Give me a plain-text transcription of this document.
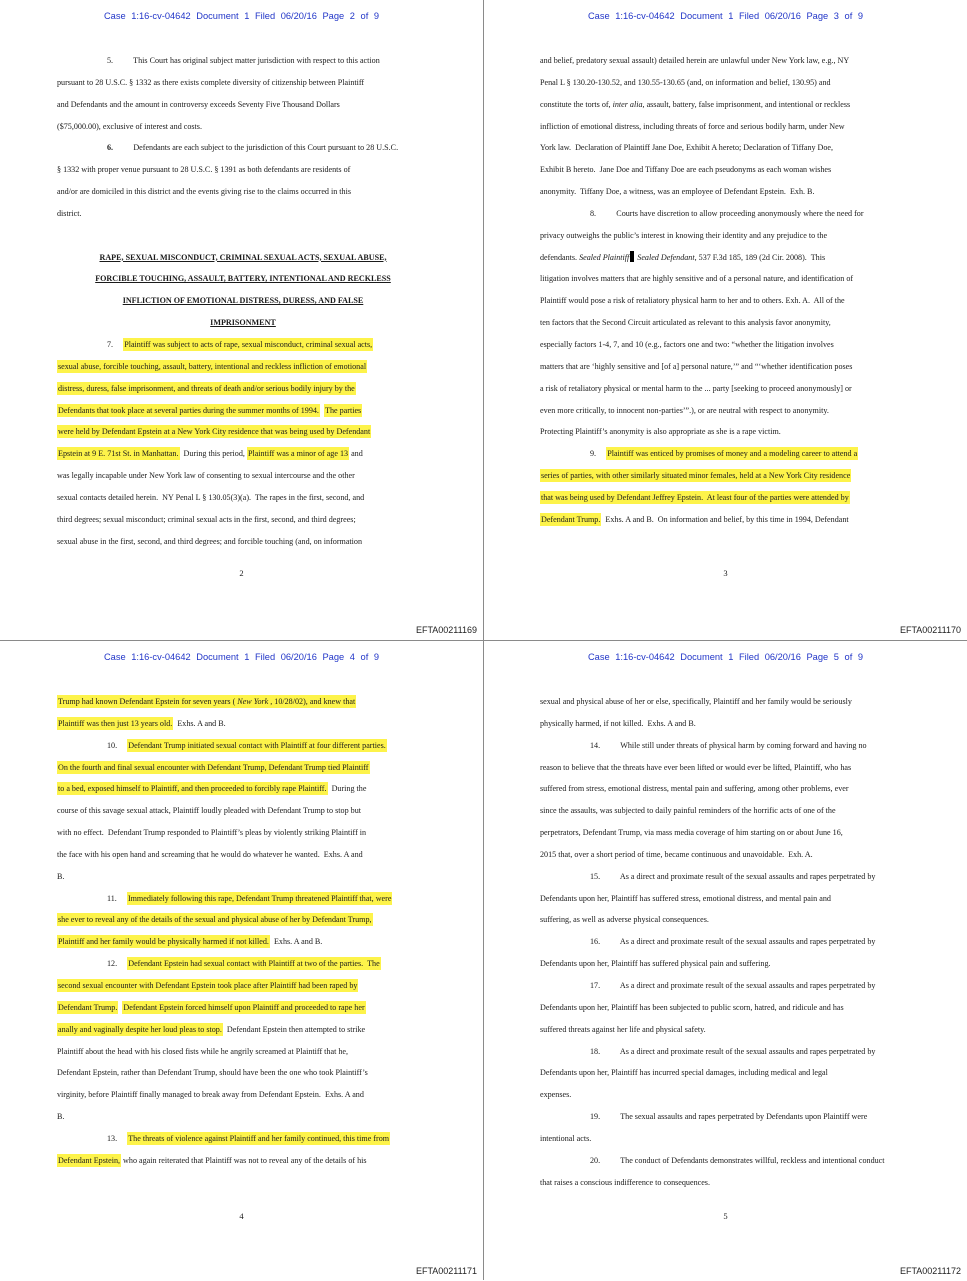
Case 1:16-cv-04642 Document 1 Filed 06/20/16 Page 2 of 9
5.          This Court has original subject matter jurisdiction with respect to this action
pursuant to 28 U.S.C. § 1332 as there exists complete diversity of citizenship between Plaintiff
and Defendants and the amount in controversy exceeds Seventy Five Thousand Dollars
($75,000.00), exclusive of interest and costs.
6.          Defendants are each subject to the jurisdiction of this Court pursuant to 28 U.S.C.
§ 1332 with proper venue pursuant to 28 U.S.C. § 1391 as both defendants are residents of
and/or are domiciled in this district and the events giving rise to the claims occurred in this
district.
RAPE, SEXUAL MISCONDUCT, CRIMINAL SEXUAL ACTS, SEXUAL ABUSE,
FORCIBLE TOUCHING, ASSAULT, BATTERY, INTENTIONAL AND RECKLESS
INFLICTION OF EMOTIONAL DISTRESS, DURESS, AND FALSE
IMPRISONMENT
7.     Plaintiff was subject to acts of rape, sexual misconduct, criminal sexual acts,
sexual abuse, forcible touching, assault, battery, intentional and reckless infliction of emotional
distress, duress, false imprisonment, and threats of death and/or serious bodily injury by the
Defendants that took place at several parties during the summer months of 1994. The parties
were held by Defendant Epstein at a New York City residence that was being used by Defendant
Epstein at 9 E. 71st St. in Manhattan.  During this period, Plaintiff was a minor of age 13 and
was legally incapable under New York law of consenting to sexual intercourse and the other
sexual contacts detailed herein.  NY Penal L § 130.05(3)(a).  The rapes in the first, second, and
third degrees; sexual misconduct; criminal sexual acts in the first, second, and third degrees;
sexual abuse in the first, second, and third degrees; and forcible touching (and, on information
2
EFTA00211169
Case 1:16-cv-04642 Document 1 Filed 06/20/16 Page 3 of 9
and belief, predatory sexual assault) detailed herein are unlawful under New York law, e.g., NY
Penal L § 130.20-130.52, and 130.55-130.65 (and, on information and belief, 130.95) and
constitute the torts of, inter alia, assault, battery, false imprisonment, and intentional or reckless
infliction of emotional distress, including threats of force and serious bodily harm, under New
York law.  Declaration of Plaintiff Jane Doe, Exhibit A hereto; Declaration of Tiffany Doe,
Exhibit B hereto.  Jane Doe and Tiffany Doe are each pseudonyms as each woman wishes
anonymity.  Tiffany Doe, a witness, was an employee of Defendant Epstein.  Exh. B.
8.          Courts have discretion to allow proceeding anonymously where the need for
privacy outweighs the public’s interest in knowing their identity and any prejudice to the
defendants. Sealed Plaintiff Sealed Defendant, 537 F.3d 185, 189 (2d Cir. 2008).  This
litigation involves matters that are highly sensitive and of a personal nature, and identification of
Plaintiff would pose a risk of retaliatory physical harm to her and to others. Exh. A.  All of the
ten factors that the Second Circuit articulated as relevant to this analysis favor anonymity,
especially factors 1-4, 7, and 10 (e.g., factors one and two: “whether the litigation involves
matters that are ‘highly sensitive and [of a] personal nature,’” and “‘whether identification poses
a risk of retaliatory physical or mental harm to the ... party [seeking to proceed anonymously] or
even more critically, to innocent non-parties’”.), or are neutral with respect to anonymity.
Protecting Plaintiff’s anonymity is also appropriate as she is a rape victim.
9.     Plaintiff was enticed by promises of money and a modeling career to attend a
series of parties, with other similarly situated minor females, held at a New York City residence
that was being used by Defendant Jeffrey Epstein.  At least four of the parties were attended by
Defendant Trump.  Exhs. A and B.  On information and belief, by this time in 1994, Defendant
3
EFTA00211170
Case 1:16-cv-04642 Document 1 Filed 06/20/16 Page 4 of 9
Trump had known Defendant Epstein for seven years ( New York , 10/28/02), and knew that
Plaintiff was then just 13 years old.  Exhs. A and B.
10.     Defendant Trump initiated sexual contact with Plaintiff at four different parties.
On the fourth and final sexual encounter with Defendant Trump, Defendant Trump tied Plaintiff
to a bed, exposed himself to Plaintiff, and then proceeded to forcibly rape Plaintiff.  During the
course of this savage sexual attack, Plaintiff loudly pleaded with Defendant Trump to stop but
with no effect.  Defendant Trump responded to Plaintiff’s pleas by violently striking Plaintiff in
the face with his open hand and screaming that he would do whatever he wanted.  Exhs. A and
B.
11.     Immediately following this rape, Defendant Trump threatened Plaintiff that, were
she ever to reveal any of the details of the sexual and physical abuse of her by Defendant Trump,
Plaintiff and her family would be physically harmed if not killed.  Exhs. A and B.
12.     Defendant Epstein had sexual contact with Plaintiff at two of the parties.  The
second sexual encounter with Defendant Epstein took place after Plaintiff had been raped by
Defendant Trump. Defendant Epstein forced himself upon Plaintiff and proceeded to rape her
anally and vaginally despite her loud pleas to stop.  Defendant Epstein then attempted to strike
Plaintiff about the head with his closed fists while he angrily screamed at Plaintiff that he,
Defendant Epstein, rather than Defendant Trump, should have been the one who took Plaintiff’s
virginity, before Plaintiff finally managed to break away from Defendant Epstein.  Exhs. A and
B.
13.     The threats of violence against Plaintiff and her family continued, this time from
Defendant Epstein, who again reiterated that Plaintiff was not to reveal any of the details of his
4
EFTA00211171
Case 1:16-cv-04642 Document 1 Filed 06/20/16 Page 5 of 9
sexual and physical abuse of her or else, specifically, Plaintiff and her family would be seriously
physically harmed, if not killed.  Exhs. A and B.
14.          While still under threats of physical harm by coming forward and having no
reason to believe that the threats have ever been lifted or would ever be lifted, Plaintiff, who has
suffered from stress, emotional distress, mental pain and suffering, among other problems, ever
since the assaults, was subjected to daily painful reminders of the horrific acts of one of the
perpetrators, Defendant Trump, via mass media coverage of him starting on or about June 16,
2015 that, over a short period of time, became continuous and unavoidable.  Exh. A.
15.          As a direct and proximate result of the sexual assaults and rapes perpetrated by
Defendants upon her, Plaintiff has suffered stress, emotional distress, and mental pain and
suffering, as well as adverse physical consequences.
16.          As a direct and proximate result of the sexual assaults and rapes perpetrated by
Defendants upon her, Plaintiff has suffered physical pain and suffering.
17.          As a direct and proximate result of the sexual assaults and rapes perpetrated by
Defendants upon her, Plaintiff has been subjected to public scorn, hatred, and ridicule and has
suffered threats against her life and physical safety.
18.          As a direct and proximate result of the sexual assaults and rapes perpetrated by
Defendants upon her, Plaintiff has incurred special damages, including medical and legal
expenses.
19.          The sexual assaults and rapes perpetrated by Defendants upon Plaintiff were
intentional acts.
20.          The conduct of Defendants demonstrates willful, reckless and intentional conduct
that raises a conscious indifference to consequences.
5
EFTA00211172
